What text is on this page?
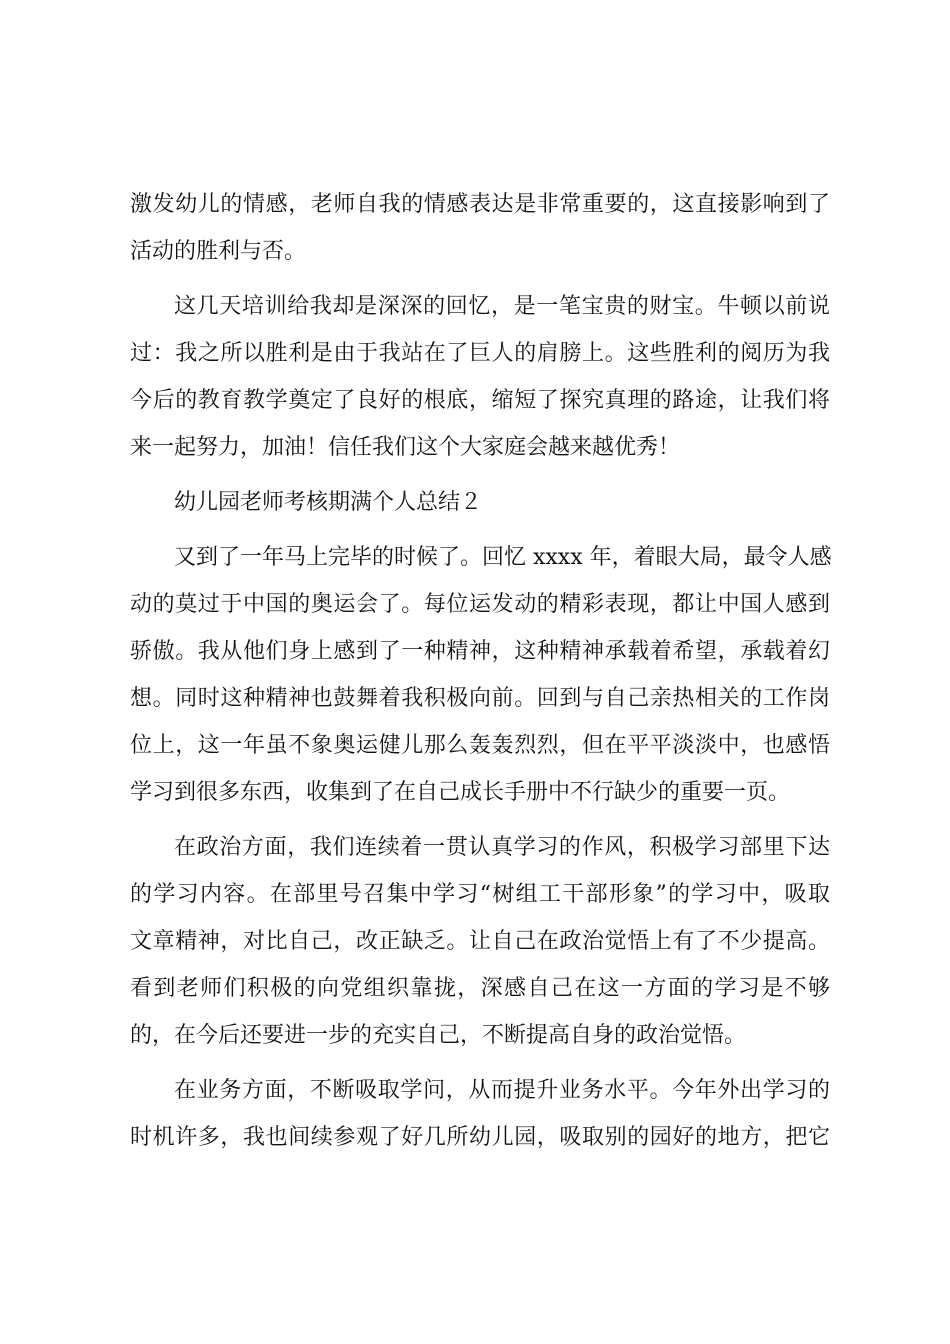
激发幼儿的情感，老师自我的情感表达是非常重要的，这直接影响到了
活动的胜利与否。
这几天培训给我却是深深的回忆，是一笔宝贵的财宝。牛顿以前说
过：我之所以胜利是由于我站在了巨人的肩膀上。这些胜利的阅历为我
今后的教育教学奠定了良好的根底，缩短了探究真理的路途，让我们将
来一起努力，加油！信任我们这个大家庭会越来越优秀！
幼儿园老师考核期满个人总结２
又到了一年马上完毕的时候了。回忆 xxxx 年，着眼大局，最令人感
动的莫过于中国的奥运会了。每位运发动的精彩表现，都让中国人感到
骄傲。我从他们身上感到了一种精神，这种精神承载着希望，承载着幻
想。同时这种精神也鼓舞着我积极向前。回到与自己亲热相关的工作岗
位上，这一年虽不象奥运健儿那么轰轰烈烈，但在平平淡淡中，也感悟
学习到很多东西，收集到了在自己成长手册中不行缺少的重要一页。
在政治方面，我们连续着一贯认真学习的作风，积极学习部里下达
的学习内容。在部里号召集中学习“树组工干部形象”的学习中，吸取
文章精神，对比自己，改正缺乏。让自己在政治觉悟上有了不少提高。
看到老师们积极的向党组织靠拢，深感自己在这一方面的学习是不够
的，在今后还要进一步的充实自己，不断提高自身的政治觉悟。
在业务方面，不断吸取学问，从而提升业务水平。今年外出学习的
时机许多，我也间续参观了好几所幼儿园，吸取别的园好的地方，把它
